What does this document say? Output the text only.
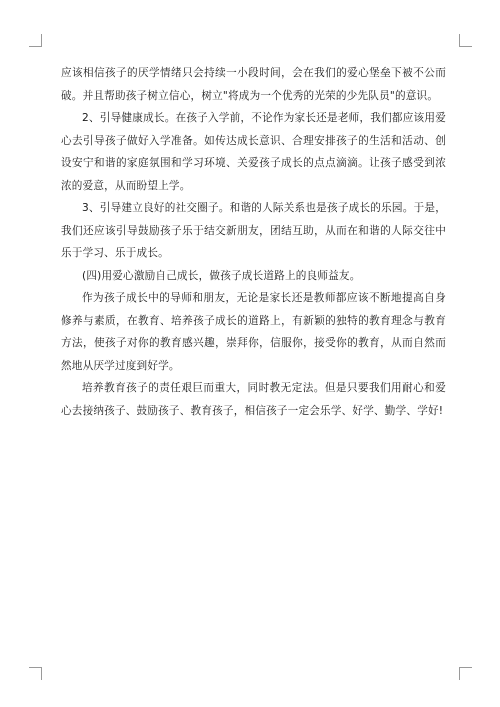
应该相信孩子的厌学情绪只会持续一小段时间，会在我们的爱心堡垒下被不公而破。并且帮助孩子树立信心，树立"将成为一个优秀的光荣的少先队员"的意识。

2、引导健康成长。在孩子入学前，不论作为家长还是老师，我们都应该用爱心去引导孩子做好入学准备。如传达成长意识、合理安排孩子的生活和活动、创设安宁和谐的家庭氛围和学习环境、关爱孩子成长的点点滴滴。让孩子感受到浓浓的爱意，从而盼望上学。

3、引导建立良好的社交圈子。和谐的人际关系也是孩子成长的乐园。于是，我们还应该引导鼓励孩子乐于结交新朋友，团结互助，从而在和谐的人际交往中乐于学习、乐于成长。

(四)用爱心激励自己成长，做孩子成长道路上的良师益友。

作为孩子成长中的导师和朋友，无论是家长还是教师都应该不断地提高自身修养与素质，在教育、培养孩子成长的道路上，有新颖的独特的教育理念与教育方法，使孩子对你的教育感兴趣，崇拜你，信服你，接受你的教育，从而自然而然地从厌学过度到好学。

培养教育孩子的责任艰巨而重大，同时教无定法。但是只要我们用耐心和爱心去接纳孩子、鼓励孩子、教育孩子，相信孩子一定会乐学、好学、勤学、学好!
